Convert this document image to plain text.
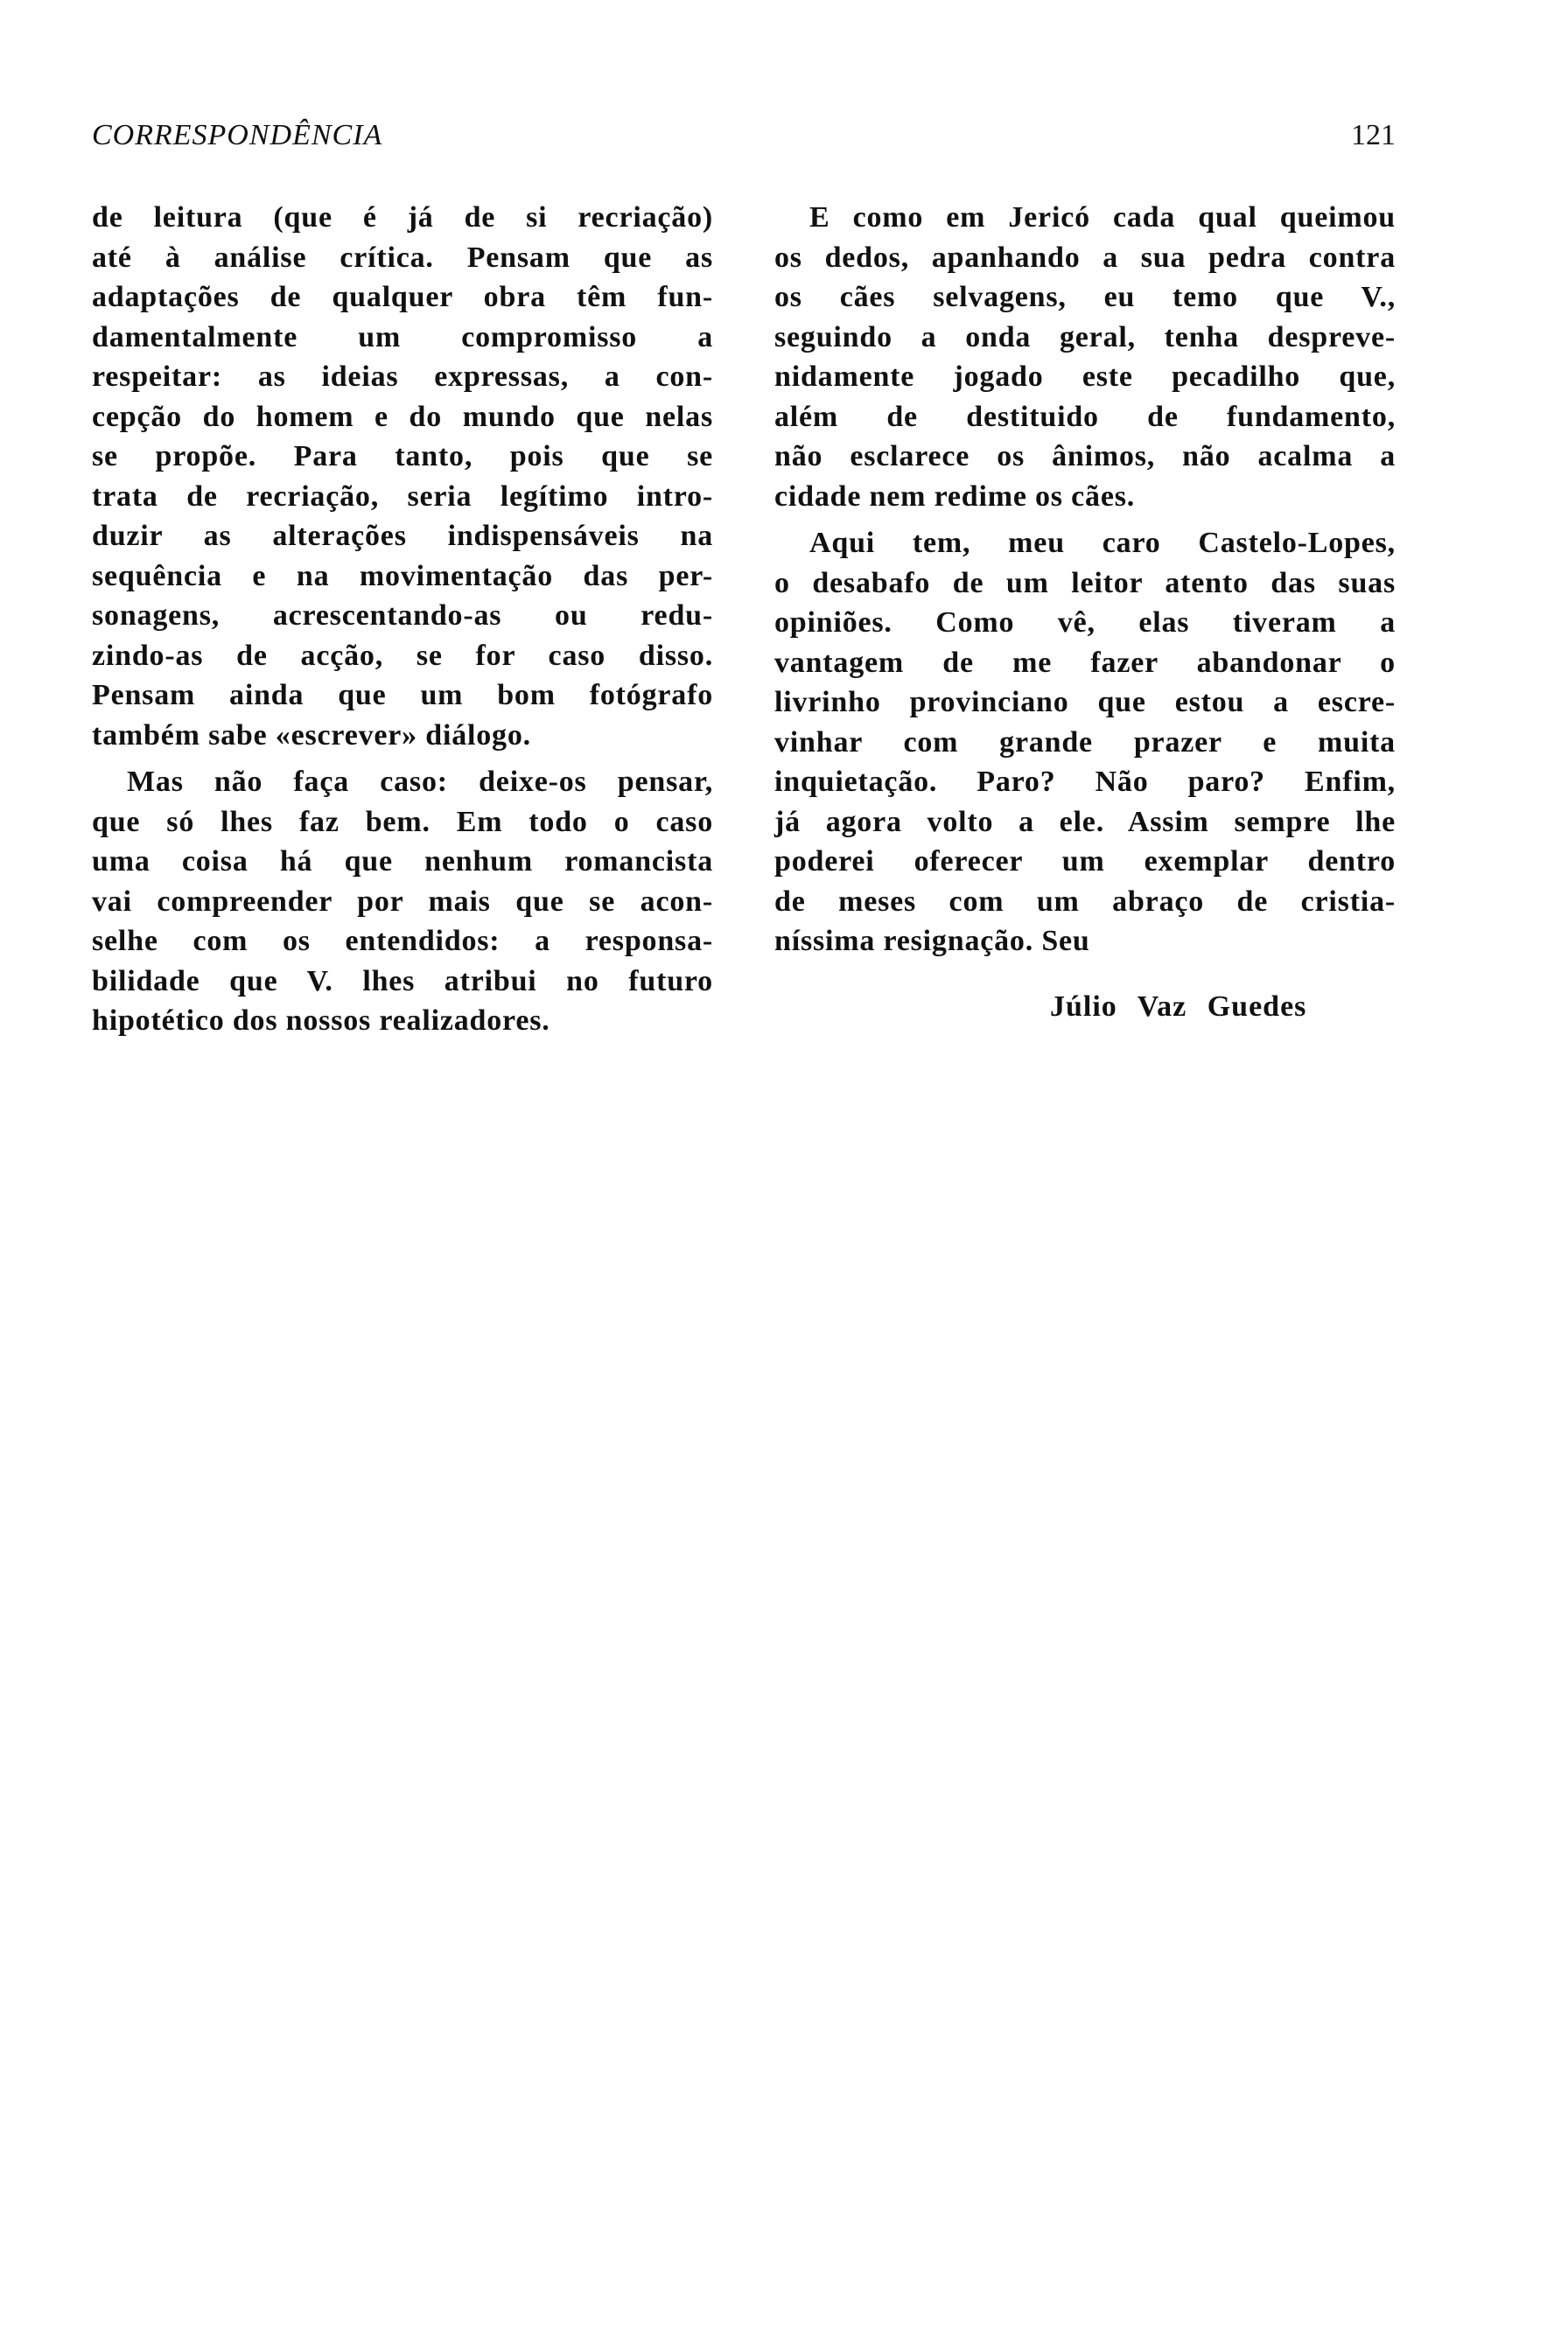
CORRESPONDÊNCIA	121
de leitura (que é já de si recriação)
até à análise crítica. Pensam que as
adaptações de qualquer obra têm fun-
damentalmente um compromisso a
respeitar: as ideias expressas, a con-
cepção do homem e do mundo que nelas
se propõe. Para tanto, pois que se
trata de recriação, seria legítimo intro-
duzir as alterações indispensáveis na
sequência e na movimentação das per-
sonagens, acrescentando-as ou redu-
zindo-as de acção, se for caso disso.
Pensam ainda que um bom fotógrafo
também sabe «escrever» diálogo.
Mas não faça caso: deixe-os pensar,
que só lhes faz bem. Em todo o caso
uma coisa há que nenhum romancista
vai compreender por mais que se acon-
selhe com os entendidos: a responsa-
bilidade que V. lhes atribui no futuro
hipotético dos nossos realizadores.
E como em Jericó cada qual queimou
os dedos, apanhando a sua pedra contra
os cães selvagens, eu temo que V.,
seguindo a onda geral, tenha despreve-
nidamente jogado este pecadilho que,
além de destituido de fundamento,
não esclarece os ânimos, não acalma a
cidade nem redime os cães.
Aqui tem, meu caro Castelo-Lopes,
o desabafo de um leitor atento das suas
opiniões. Como vê, elas tiveram a
vantagem de me fazer abandonar o
livrinho provinciano que estou a escre-
vinhar com grande prazer e muita
inquietação. Paro? Não paro? Enfim,
já agora volto a ele. Assim sempre lhe
poderei oferecer um exemplar dentro
de meses com um abraço de cristia-
níssima resignação. Seu
Júlio Vaz Guedes
